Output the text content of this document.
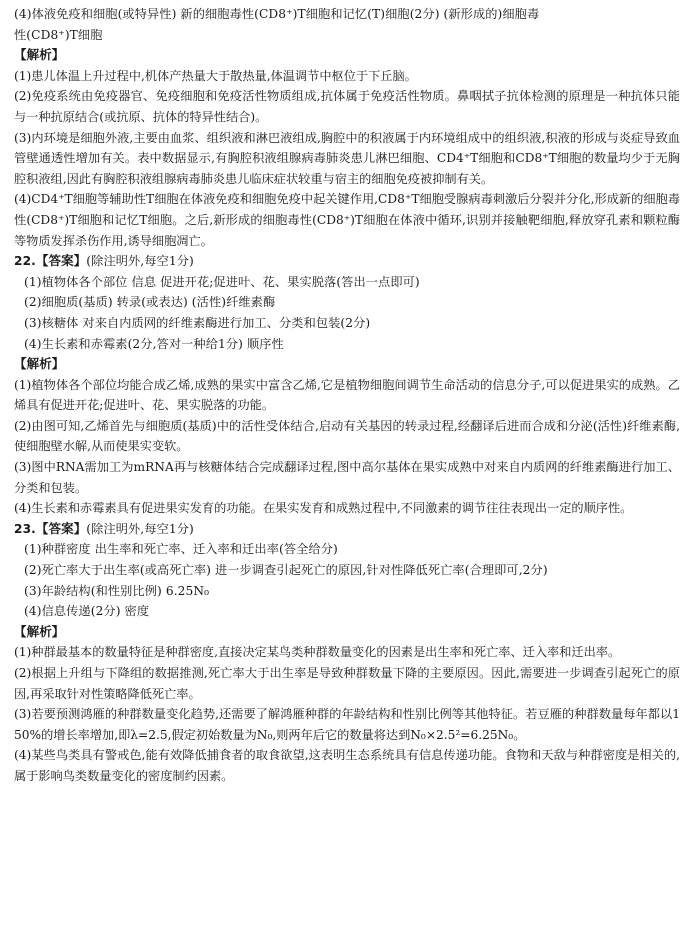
(4)体液免疫和细胞(或特异性) 新的细胞毒性(CD8⁺)T细胞和记忆(T)细胞(2分) (新形成的)细胞毒
性(CD8⁺)T细胞
【解析】
(1)患儿体温上升过程中,机体产热量大于散热量,体温调节中枢位于下丘脑。
(2)免疫系统由免疫器官、免疫细胞和免疫活性物质组成,抗体属于免疫活性物质。鼻咽拭子抗体检测的原理是一种抗体只能与一种抗原结合(或抗原、抗体的特异性结合)。
(3)内环境是细胞外液,主要由血浆、组织液和淋巴液组成,胸腔中的积液属于内环境组成中的组织液,积液的形成与炎症导致血管壁通透性增加有关。表中数据显示,有胸腔积液组腺病毒肺炎患儿淋巴细胞、CD4⁺T细胞和CD8⁺T细胞的数量均少于无胸腔积液组,因此有胸腔积液组腺病毒肺炎患儿临床症状较重与宿主的细胞免疫被抑制有关。
(4)CD4⁺T细胞等辅助性T细胞在体液免疫和细胞免疫中起关键作用,CD8⁺T细胞受腺病毒刺激后分裂并分化,形成新的细胞毒性(CD8⁺)T细胞和记忆T细胞。之后,新形成的细胞毒性(CD8⁺)T细胞在体液中循环,识别并接触靶细胞,释放穿孔素和颗粒酶等物质发挥杀伤作用,诱导细胞凋亡。
22.【答案】(除注明外,每空1分)
(1)植物体各个部位 信息 促进开花;促进叶、花、果实脱落(答出一点即可)
(2)细胞质(基质) 转录(或表达) (活性)纤维素酶
(3)核糖体 对来自内质网的纤维素酶进行加工、分类和包装(2分)
(4)生长素和赤霉素(2分,答对一种给1分) 顺序性
【解析】
(1)植物体各个部位均能合成乙烯,成熟的果实中富含乙烯,它是植物细胞间调节生命活动的信息分子,可以促进果实的成熟。乙烯具有促进开花;促进叶、花、果实脱落的功能。
(2)由图可知,乙烯首先与细胞质(基质)中的活性受体结合,启动有关基因的转录过程,经翻译后进而合成和分泌(活性)纤维素酶,使细胞壁水解,从而使果实变软。
(3)图中RNA需加工为mRNA再与核糖体结合完成翻译过程,图中高尔基体在果实成熟中对来自内质网的纤维素酶进行加工、分类和包装。
(4)生长素和赤霉素具有促进果实发育的功能。在果实发育和成熟过程中,不同激素的调节往往表现出一定的顺序性。
23.【答案】(除注明外,每空1分)
(1)种群密度 出生率和死亡率、迁入率和迁出率(答全给分)
(2)死亡率大于出生率(或高死亡率) 进一步调查引起死亡的原因,针对性降低死亡率(合理即可,2分)
(3)年龄结构(和性别比例) 6.25N₀
(4)信息传递(2分) 密度
【解析】
(1)种群最基本的数量特征是种群密度,直接决定某鸟类种群数量变化的因素是出生率和死亡率、迁入率和迁出率。
(2)根据上升组与下降组的数据推测,死亡率大于出生率是导致种群数量下降的主要原因。因此,需要进一步调查引起死亡的原因,再采取针对性策略降低死亡率。
(3)若要预测鸿雁的种群数量变化趋势,还需要了解鸿雁种群的年龄结构和性别比例等其他特征。若豆雁的种群数量每年都以150%的增长率增加,即λ=2.5,假定初始数量为N₀,则两年后它的数量将达到N₀×2.5²=6.25N₀。
(4)某些鸟类具有警戒色,能有效降低捕食者的取食欲望,这表明生态系统具有信息传递功能。食物和天敌与种群密度是相关的,属于影响鸟类数量变化的密度制约因素。
